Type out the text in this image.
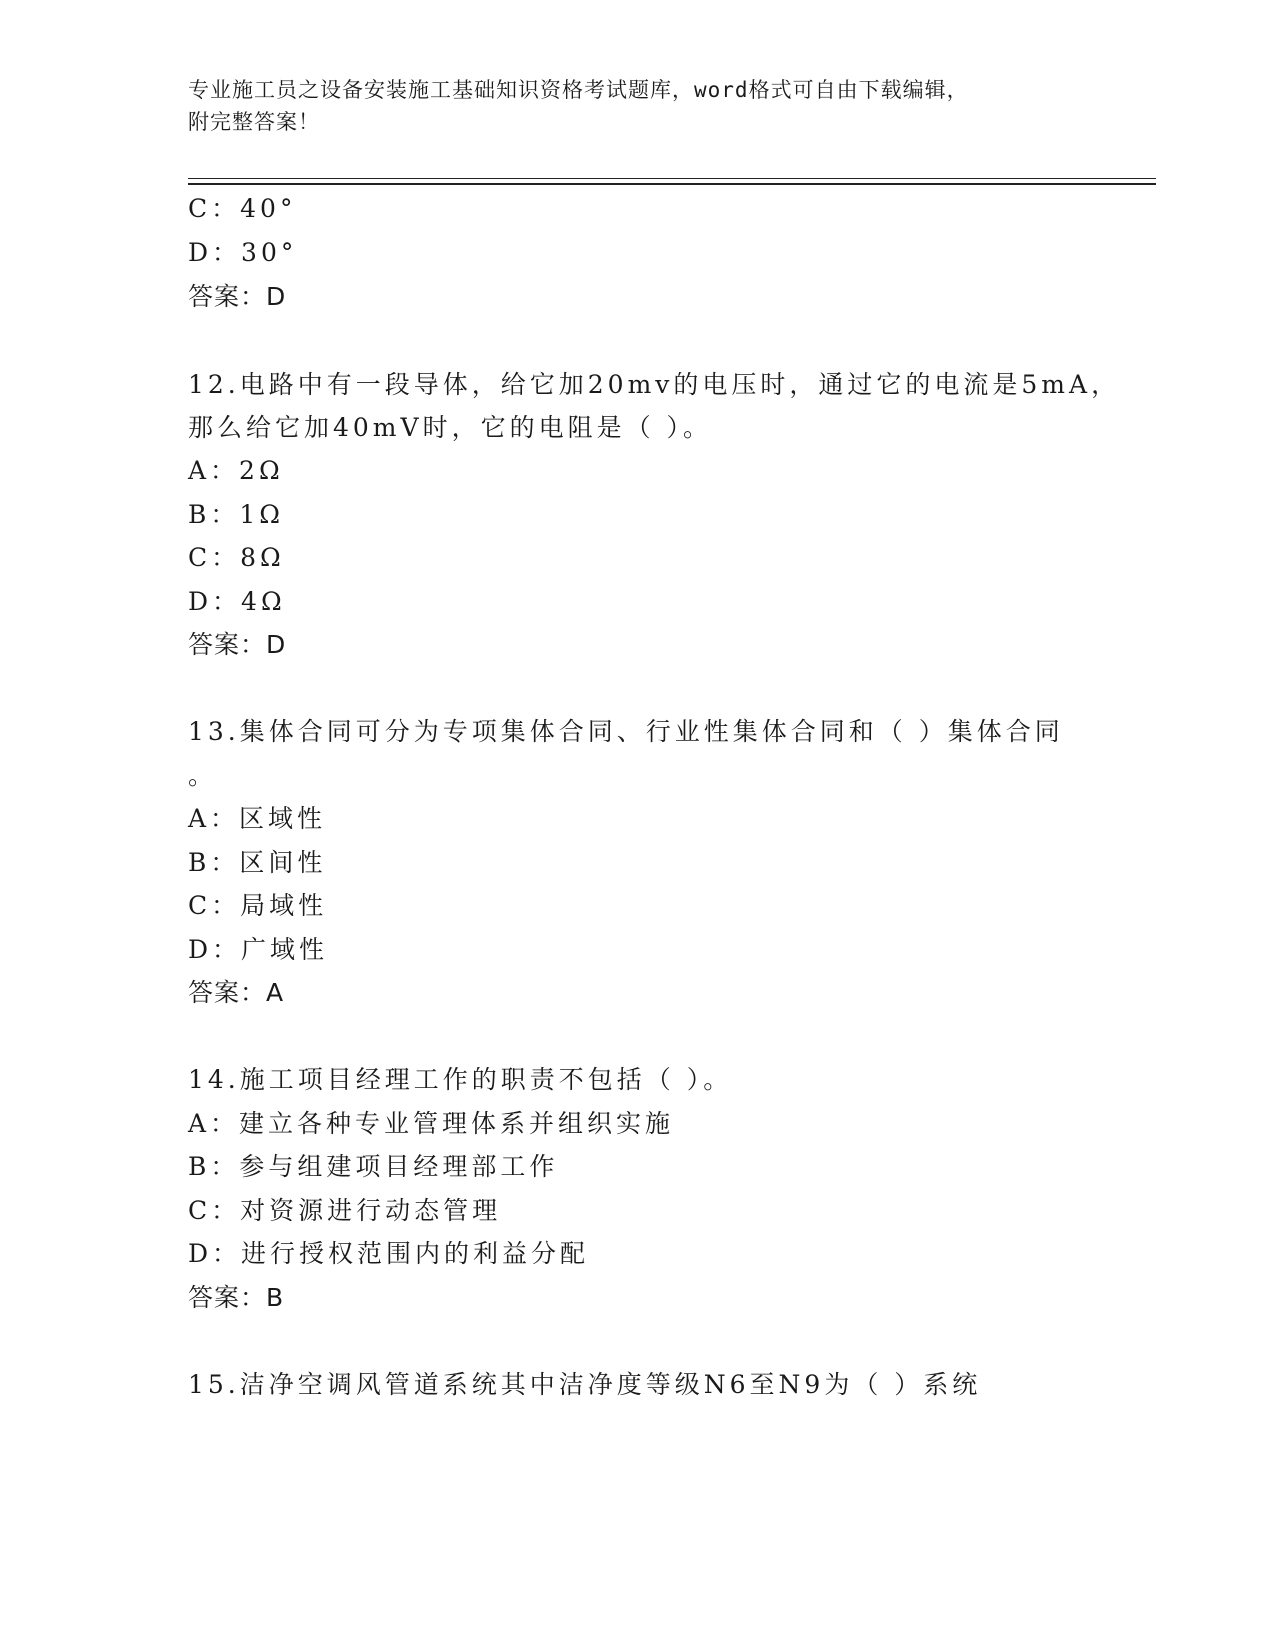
专业施工员之设备安装施工基础知识资格考试题库，word格式可自由下载编辑，
附完整答案！
C：40°
D：30°
答案：D
12.电路中有一段导体，给它加20mv的电压时，通过它的电流是5mA，
那么给它加40mV时，它的电阻是（ ）。
A：2Ω
B：1Ω
C：8Ω
D：4Ω
答案：D
13.集体合同可分为专项集体合同、行业性集体合同和（ ）集体合同
。
A：区域性
B：区间性
C：局域性
D：广域性
答案：A
14.施工项目经理工作的职责不包括（ ）。
A：建立各种专业管理体系并组织实施
B：参与组建项目经理部工作
C：对资源进行动态管理
D：进行授权范围内的利益分配
答案：B
15.洁净空调风管道系统其中洁净度等级N6至N9为（ ）系统
